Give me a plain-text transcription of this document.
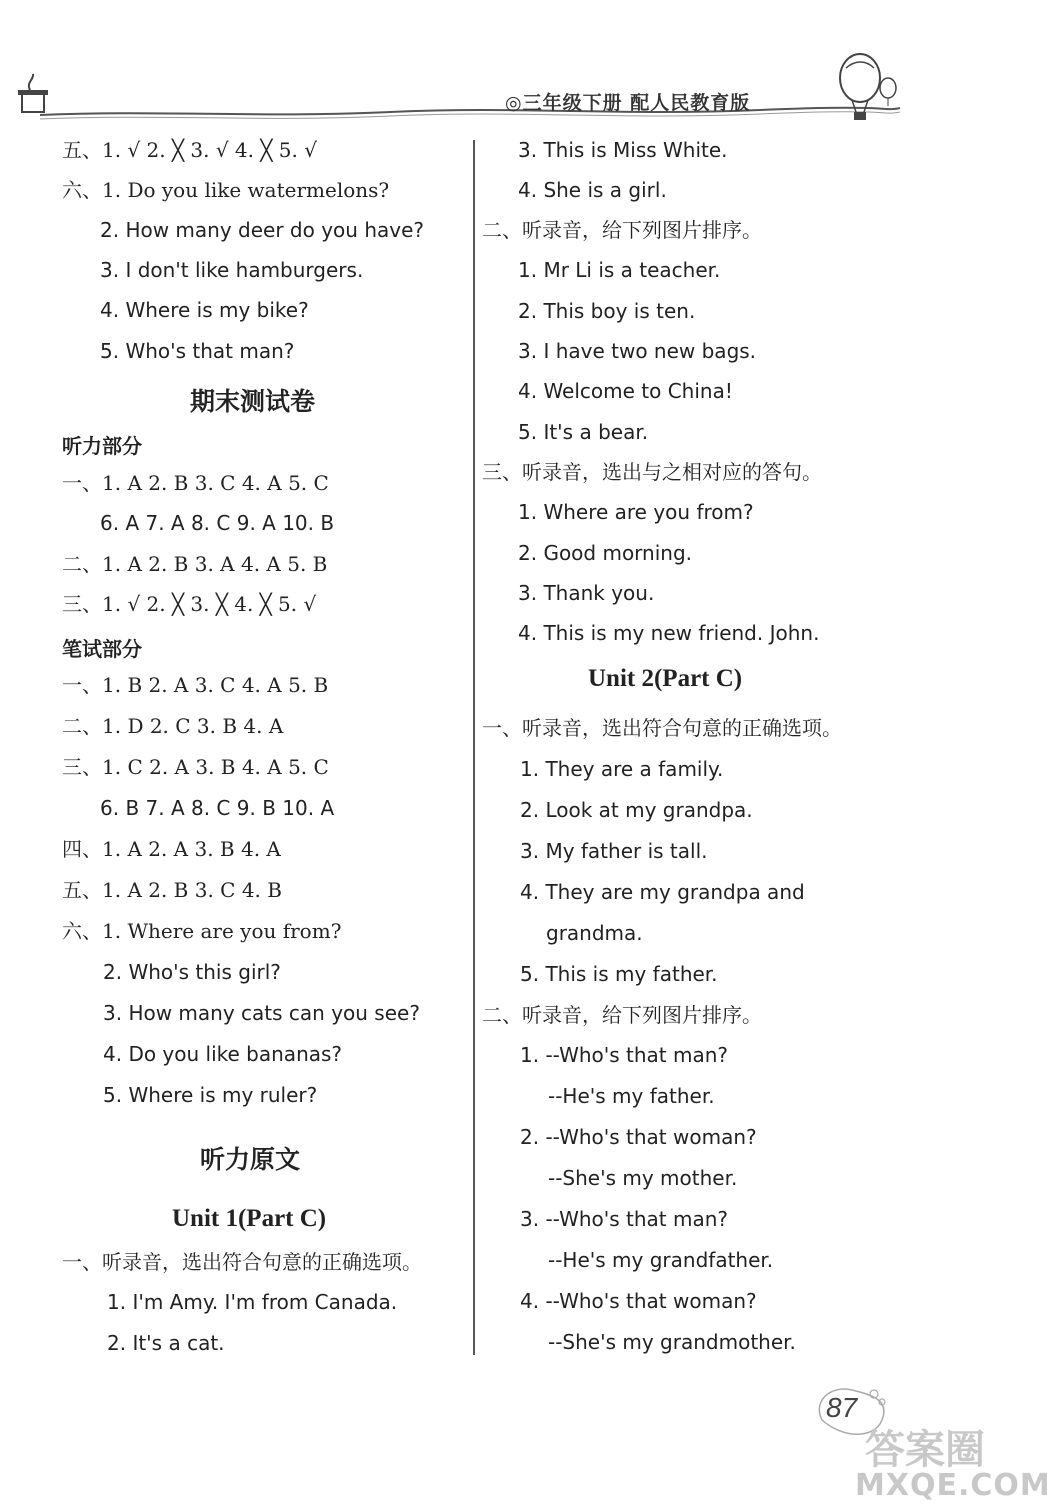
◎三年级下册 配人民教育版
五、1. √ 2. ╳ 3. √ 4. ╳ 5. √
六、1. Do you like watermelons?
2. How many deer do you have?
3. I don't like hamburgers.
4. Where is my bike?
5. Who's that man?
期末测试卷
听力部分
一、1. A 2. B 3. C 4. A 5. C
6. A 7. A 8. C 9. A 10. B
二、1. A 2. B 3. A 4. A 5. B
三、1. √ 2. ╳ 3. ╳ 4. ╳ 5. √
笔试部分
一、1. B 2. A 3. C 4. A 5. B
二、1. D 2. C 3. B 4. A
三、1. C 2. A 3. B 4. A 5. C
6. B 7. A 8. C 9. B 10. A
四、1. A 2. A 3. B 4. A
五、1. A 2. B 3. C 4. B
六、1. Where are you from?
2. Who's this girl?
3. How many cats can you see?
4. Do you like bananas?
5. Where is my ruler?
听力原文
Unit 1(Part C)
一、听录音，选出符合句意的正确选项。
1. I'm Amy. I'm from Canada.
2. It's a cat.
3. This is Miss White.
4. She is a girl.
二、听录音，给下列图片排序。
1. Mr Li is a teacher.
2. This boy is ten.
3. I have two new bags.
4. Welcome to China!
5. It's a bear.
三、听录音，选出与之相对应的答句。
1. Where are you from?
2. Good morning.
3. Thank you.
4. This is my new friend. John.
Unit 2(Part C)
一、听录音，选出符合句意的正确选项。
1. They are a family.
2. Look at my grandpa.
3. My father is tall.
4. They are my grandpa and
grandma.
5. This is my father.
二、听录音，给下列图片排序。
1. --Who's that man?
--He's my father.
2. --Who's that woman?
--She's my mother.
3. --Who's that man?
--He's my grandfather.
4. --Who's that woman?
--She's my grandmother.
87
答案圈
MXQE.COM
